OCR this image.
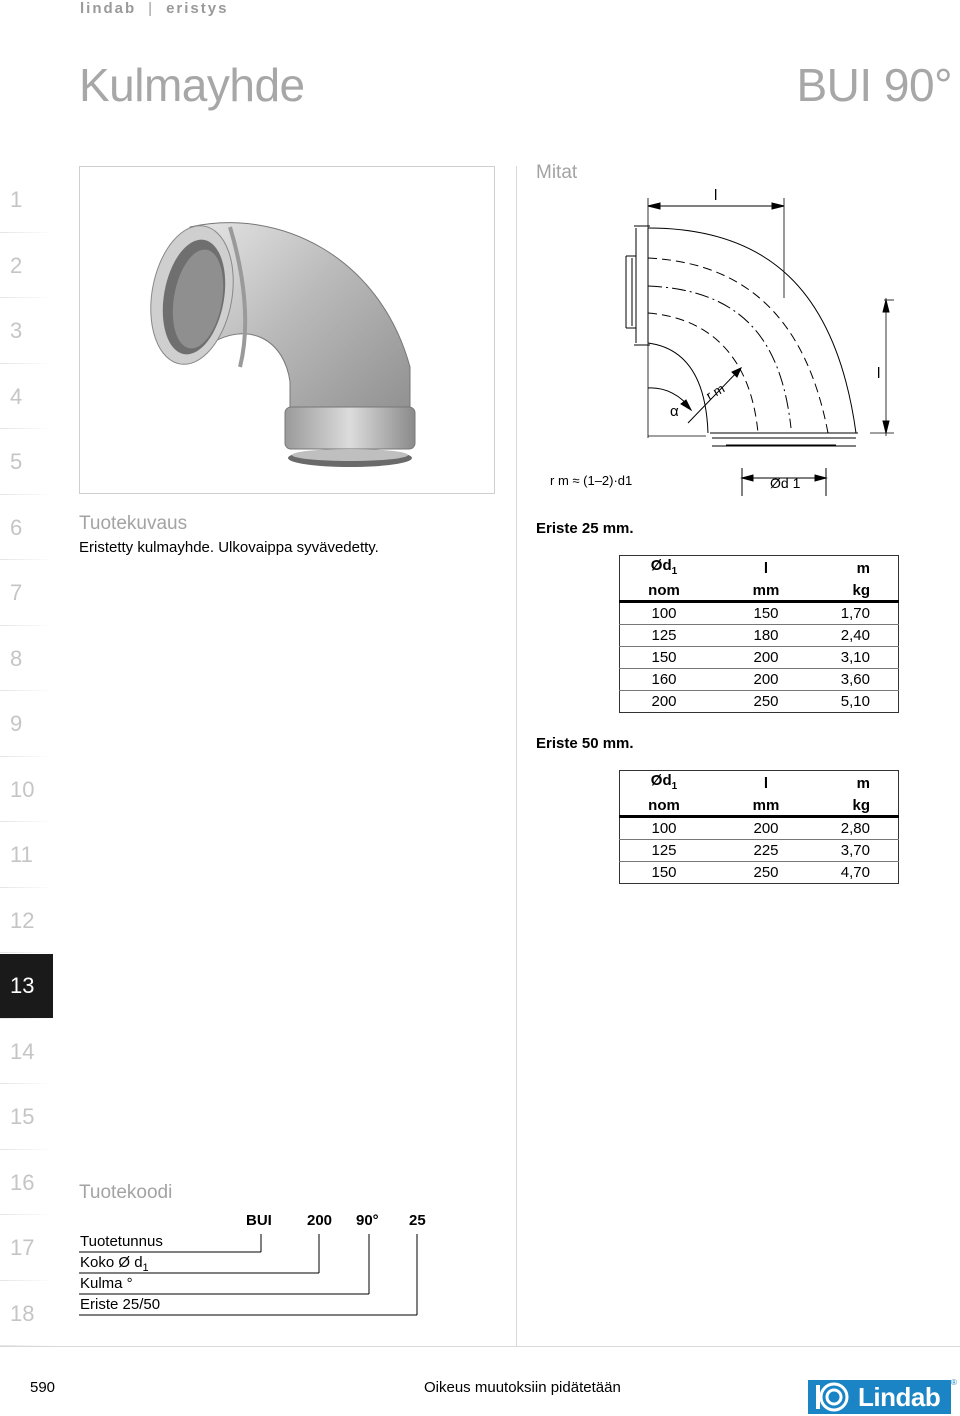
lindab | eristys
Kulmayhde	BUI 90°
1
2
3
4
5
6
7
8
9
10
11
12
13
14
15
16
17
18
Mitat
l
l
α
r m
Ød 1
r m ≈ (1–2)·d1
Tuotekuvaus
Eristetty kulmayhde. Ulkovaippa syvävedetty.
Eriste 25 mm.
$Ød_1$	l	m
nom	mm	kg
100	150	1,70
125	180	2,40
150	200	3,10
160	200	3,60
200	250	5,10
Eriste 50 mm.
$Ød_1$	l	m
nom	mm	kg
100	200	2,80
125	225	3,70
150	250	4,70
Tuotekoodi
BUI 200 90° 25
Tuotetunnus
Koko Ø $d_1$
Kulma °
Eriste 25/50
590	Oikeus muutoksiin pidätetään	Lindab ®
